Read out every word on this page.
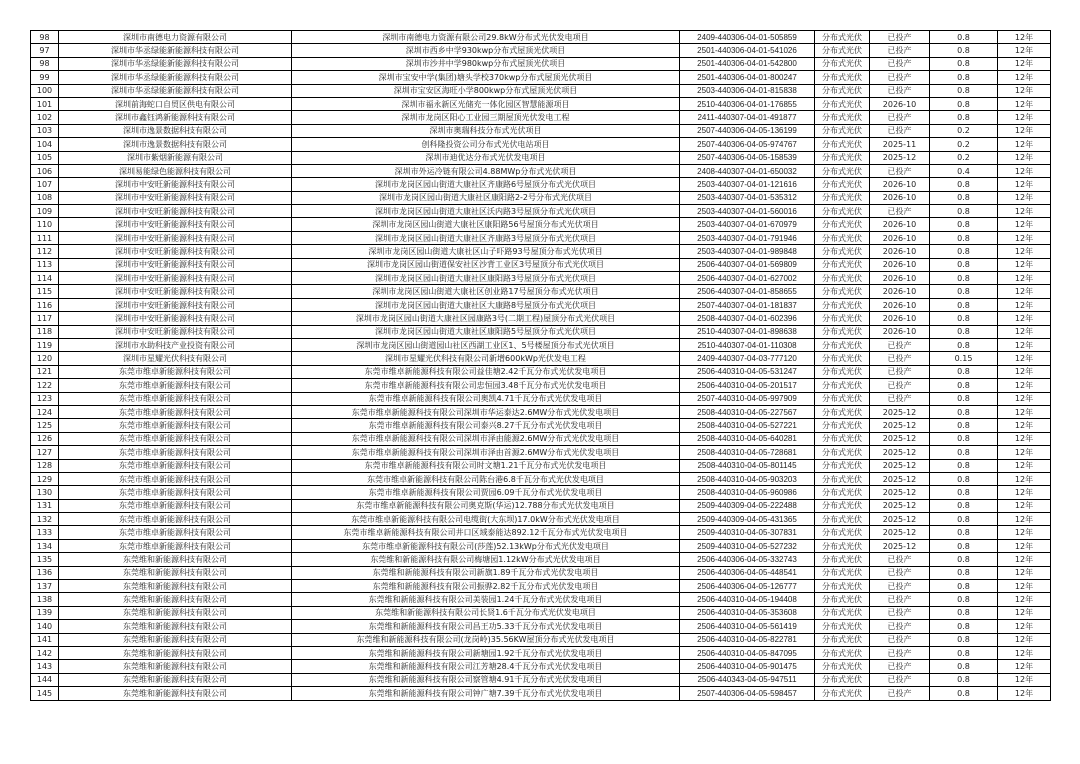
98	深圳市南德电力资源有限公司	深圳市南德电力资源有限公司29.8kW分布式光伏发电项目	2409-440306-04-01-505859	分布式光伏	已投产	0.8	12年
97	深圳市华丞绿能新能源科技有限公司	深圳市西乡中学930kwp分布式屋顶光伏项目	2501-440306-04-01-541026	分布式光伏	已投产	0.8	12年
98	深圳市华丞绿能新能源科技有限公司	深圳市沙井中学980kwp分布式屋顶光伏项目	2501-440306-04-01-542800	分布式光伏	已投产	0.8	12年
99	深圳市华丞绿能新能源科技有限公司	深圳市宝安中学(集团)塘头学校370kwp分布式屋顶光伏项目	2501-440306-04-01-800247	分布式光伏	已投产	0.8	12年
100	深圳市华丞绿能新能源科技有限公司	深圳市宝安区海旺小学800kwp分布式屋顶光伏项目	2503-440306-04-01-815838	分布式光伏	已投产	0.8	12年
101	深圳前海蛇口自贸区供电有限公司	深圳市福永新区光储充一体化园区智慧能源项目	2510-440306-04-01-176855	分布式光伏	2026-10	0.8	12年
102	深圳市鑫钰鸿新能源科技有限公司	深圳市龙岗区阳心工业园三期屋顶光伏发电工程	2411-440307-04-01-491877	分布式光伏	已投产	0.8	12年
103	深圳市逸景数据科技有限公司	深圳市奥瑞科技分布式光伏项目	2507-440306-04-05-136199	分布式光伏	已投产	0.2	12年
104	深圳市逸景数据科技有限公司	创科隆投资公司分布式光伏电站项目	2507-440306-04-05-974767	分布式光伏	2025-11	0.2	12年
105	深圳市紫烟新能源有限公司	深圳市迪优达分布式光伏发电项目	2507-440306-04-05-158539	分布式光伏	2025-12	0.2	12年
106	深圳易能绿色能源科技有限公司	深圳市外运冷链有限公司4.88MWp分布式光伏项目	2408-440307-04-01-650032	分布式光伏	已投产	0.4	12年
107	深圳市中安旺新能源科技有限公司	深圳市龙岗区园山街道大康社区齐康路6号屋顶分布式光伏项目	2503-440307-04-01-121616	分布式光伏	2026-10	0.8	12年
108	深圳市中安旺新能源科技有限公司	深圳市龙岗区园山街道大康社区康阳路2-2号分布式光伏项目	2503-440307-04-01-535312	分布式光伏	2026-10	0.8	12年
109	深圳市中安旺新能源科技有限公司	深圳市龙岗区园山街道大康社区沃内路3号屋顶分布式光伏项目	2503-440307-04-01-560016	分布式光伏	已投产	0.8	12年
110	深圳市中安旺新能源科技有限公司	深圳市龙岗区园山街道大康社区康阳路56号屋顶分布式光伏项目	2503-440307-04-01-670979	分布式光伏	2026-10	0.8	12年
111	深圳市中安旺新能源科技有限公司	深圳市龙岗区园山街道大康社区齐康路3号屋顶分布式光伏项目	2503-440307-04-01-791946	分布式光伏	2026-10	0.8	12年
112	深圳市中安旺新能源科技有限公司	深圳市龙岗区园山街道大康社区山子吓路93号屋顶分布式光伏项目	2503-440307-04-01-989848	分布式光伏	2026-10	0.8	12年
113	深圳市中安旺新能源科技有限公司	深圳市龙岗区园山街道保安社区沙背工业区3号屋顶分布式光伏项目	2506-440307-04-01-569809	分布式光伏	2026-10	0.8	12年
114	深圳市中安旺新能源科技有限公司	深圳市龙岗区园山街道大康社区康阳路3号屋顶分布式光伏项目	2506-440307-04-01-627002	分布式光伏	2026-10	0.8	12年
115	深圳市中安旺新能源科技有限公司	深圳市龙岗区园山街道大康社区创业路17号屋顶分布式光伏项目	2506-440307-04-01-858655	分布式光伏	2026-10	0.8	12年
116	深圳市中安旺新能源科技有限公司	深圳市龙岗区园山街道大康社区大康路8号屋顶分布式光伏项目	2507-440307-04-01-181837	分布式光伏	2026-10	0.8	12年
117	深圳市中安旺新能源科技有限公司	深圳市龙岗区园山街道大康社区园康路3号(二期工程)屋顶分布式光伏项目	2508-440307-04-01-602396	分布式光伏	2026-10	0.8	12年
118	深圳市中安旺新能源科技有限公司	深圳市龙岗区园山街道大康社区康阳路5号屋顶分布式光伏项目	2510-440307-04-01-898638	分布式光伏	2026-10	0.8	12年
119	深圳市水助科技产业投资有限公司	深圳市龙岗区园山街道园山社区西湖工业区1、5号楼屋顶分布式光伏项目	2510-440307-04-01-110308	分布式光伏	已投产	0.8	12年
120	深圳市星耀光伏科技有限公司	深圳市星耀光伏科技有限公司新增600kWp光伏发电工程	2409-440307-04-03-777120	分布式光伏	已投产	0.15	12年
121	东莞市维卓新能源科技有限公司	东莞市维卓新能源科技有限公司益佳塘2.42千瓦分布式光伏发电项目	2506-440310-04-05-531247	分布式光伏	已投产	0.8	12年
122	东莞市维卓新能源科技有限公司	东莞市维卓新能源科技有限公司忠恒园3.48千瓦分布式光伏发电项目	2506-440310-04-05-201517	分布式光伏	已投产	0.8	12年
123	东莞市维卓新能源科技有限公司	东莞市维卓新能源科技有限公司奥凯4.71千瓦分布式光伏发电项目	2507-440310-04-05-997909	分布式光伏	已投产	0.8	12年
124	东莞市维卓新能源科技有限公司	东莞市维卓新能源科技有限公司深圳市华运泰达2.6MW分布式光伏发电项目	2508-440310-04-05-227567	分布式光伏	2025-12	0.8	12年
125	东莞市维卓新能源科技有限公司	东莞市维卓新能源科技有限公司泰兴8.27千瓦分布式光伏发电项目	2508-440310-04-05-527221	分布式光伏	2025-12	0.8	12年
126	东莞市维卓新能源科技有限公司	东莞市维卓新能源科技有限公司深圳市泽由能源2.6MW分布式光伏发电项目	2508-440310-04-05-640281	分布式光伏	2025-12	0.8	12年
127	东莞市维卓新能源科技有限公司	东莞市维卓新能源科技有限公司深圳市泽由首源2.6MW分布式光伏发电项目	2508-440310-04-05-728681	分布式光伏	2025-12	0.8	12年
128	东莞市维卓新能源科技有限公司	东莞市维卓新能源科技有限公司时文塘1.21千瓦分布式光伏发电项目	2508-440310-04-05-801145	分布式光伏	2025-12	0.8	12年
129	东莞市维卓新能源科技有限公司	东莞市维卓新能源科技有限公司陈台港6.8千瓦分布式光伏发电项目	2508-440310-04-05-903203	分布式光伏	2025-12	0.8	12年
130	东莞市维卓新能源科技有限公司	东莞市维卓新能源科技有限公司贾园6.09千瓦分布式光伏发电项目	2508-440310-04-05-960986	分布式光伏	2025-12	0.8	12年
131	东莞市维卓新能源科技有限公司	东莞市维卓新能源科技有限公司奥克斯(华运)12.788分布式光伏发电项目	2509-440309-04-05-222488	分布式光伏	2025-12	0.8	12年
132	东莞市维卓新能源科技有限公司	东莞市维卓新能源科技有限公司电缆街(大东坝)17.0kW分布式光伏发电项目	2509-440309-04-05-431365	分布式光伏	2025-12	0.8	12年
133	东莞市维卓新能源科技有限公司	东莞市维卓新能源科技有限公司井口区域泰能达892.12千瓦分布式光伏发电项目	2509-440310-04-05-307831	分布式光伏	2025-12	0.8	12年
134	东莞市维卓新能源科技有限公司	东莞市维卓新能源科技有限公司(莎莲)52.13kWp分布式光伏发电项目	2509-440310-04-05-527232	分布式光伏	2025-12	0.8	12年
135	东莞维和新能源科技有限公司	东莞维和新能源科技有限公司梅塘园1.12kW分布式光伏发电项目	2506-440306-04-05-332743	分布式光伏	已投产	0.8	12年
136	东莞维和新能源科技有限公司	东莞维和新能源科技有限公司新旗1.89千瓦分布式光伏发电项目	2506-440306-04-05-448541	分布式光伏	已投产	0.8	12年
137	东莞维和新能源科技有限公司	东莞维和新能源科技有限公司振骅2.82千瓦分布式光伏发电项目	2506-440306-04-05-126777	分布式光伏	已投产	0.8	12年
138	东莞维和新能源科技有限公司	东莞维和新能源科技有限公司美装园1.24千瓦分布式光伏发电项目	2506-440310-04-05-194408	分布式光伏	已投产	0.8	12年
139	东莞维和新能源科技有限公司	东莞维和新能源科技有限公司长贤1.6千瓦分布式光伏发电项目	2506-440310-04-05-353608	分布式光伏	已投产	0.8	12年
140	东莞维和新能源科技有限公司	东莞维和新能源科技有限公司昌王功5.33千瓦分布式光伏发电项目	2506-440310-04-05-561419	分布式光伏	已投产	0.8	12年
141	东莞维和新能源科技有限公司	东莞维和新能源科技有限公司(龙岗岭)35.56KW屋顶分布式光伏发电项目	2506-440310-04-05-822781	分布式光伏	已投产	0.8	12年
142	东莞维和新能源科技有限公司	东莞维和新能源科技有限公司新塘园1.92千瓦分布式光伏发电项目	2506-440310-04-05-847095	分布式光伏	已投产	0.8	12年
143	东莞维和新能源科技有限公司	东莞维和新能源科技有限公司江芳塘28.4千瓦分布式光伏发电项目	2506-440310-04-05-901475	分布式光伏	已投产	0.8	12年
144	东莞维和新能源科技有限公司	东莞维和新能源科技有限公司察管塘4.91千瓦分布式光伏发电项目	2506-440343-04-05-947511	分布式光伏	已投产	0.8	12年
145	东莞维和新能源科技有限公司	东莞维和新能源科技有限公司钟广塘7.39千瓦分布式光伏发电项目	2507-440306-04-05-598457	分布式光伏	已投产	0.8	12年
